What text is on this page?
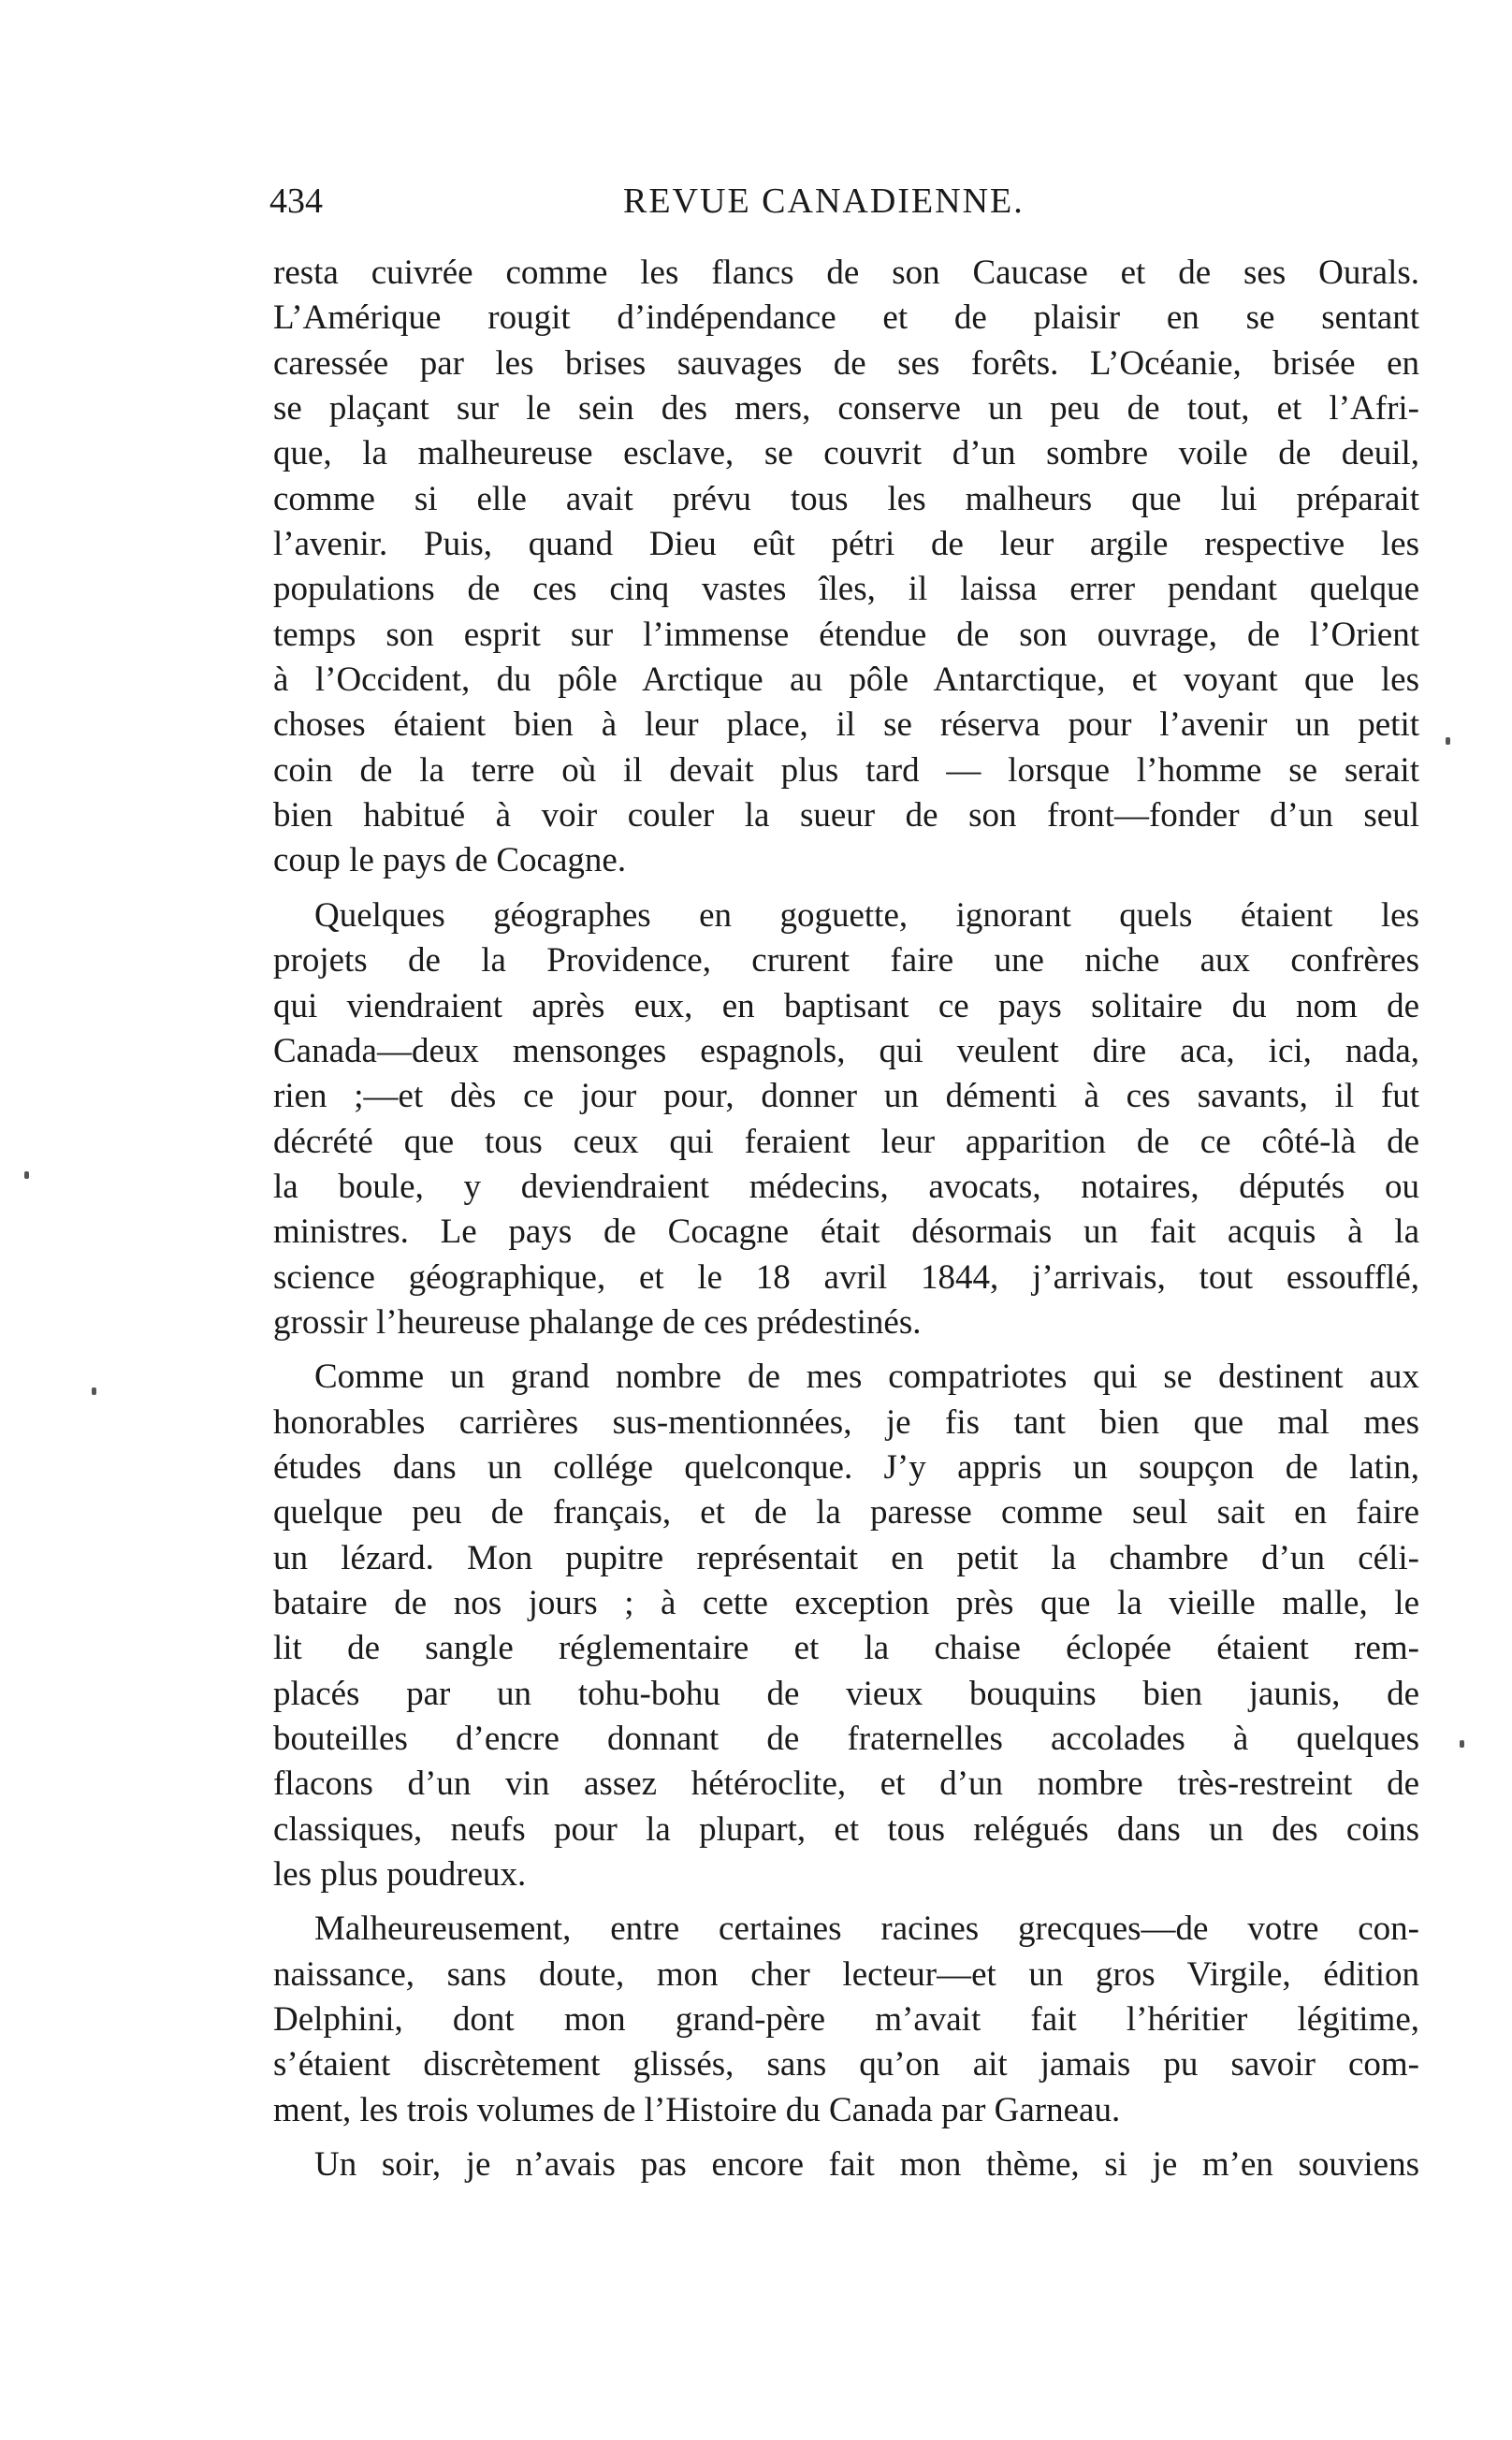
434	REVUE CANADIENNE.
resta cuivrée comme les flancs de son Caucase et de ses Ourals.
L’Amérique rougit d’indépendance et de plaisir en se sentant
caressée par les brises sauvages de ses forêts. L’Océanie, brisée en
se plaçant sur le sein des mers, conserve un peu de tout, et l’Afri-
que, la malheureuse esclave, se couvrit d’un sombre voile de deuil,
comme si elle avait prévu tous les malheurs que lui préparait
l’avenir. Puis, quand Dieu eût pétri de leur argile respective les
populations de ces cinq vastes îles, il laissa errer pendant quelque
temps son esprit sur l’immense étendue de son ouvrage, de l’Orient
à l’Occident, du pôle Arctique au pôle Antarctique, et voyant que les
choses étaient bien à leur place, il se réserva pour l’avenir un petit
coin de la terre où il devait plus tard — lorsque l’homme se serait
bien habitué à voir couler la sueur de son front—fonder d’un seul
coup le pays de Cocagne.
Quelques géographes en goguette, ignorant quels étaient les
projets de la Providence, crurent faire une niche aux confrères
qui viendraient après eux, en baptisant ce pays solitaire du nom de
Canada—deux mensonges espagnols, qui veulent dire aca, ici, nada,
rien ;—et dès ce jour pour, donner un démenti à ces savants, il fut
décrété que tous ceux qui feraient leur apparition de ce côté-là de
la boule, y deviendraient médecins, avocats, notaires, députés ou
ministres. Le pays de Cocagne était désormais un fait acquis à la
science géographique, et le 18 avril 1844, j’arrivais, tout essoufflé,
grossir l’heureuse phalange de ces prédestinés.
Comme un grand nombre de mes compatriotes qui se destinent aux
honorables carrières sus-mentionnées, je fis tant bien que mal mes
études dans un collége quelconque. J’y appris un soupçon de latin,
quelque peu de français, et de la paresse comme seul sait en faire
un lézard. Mon pupitre représentait en petit la chambre d’un céli-
bataire de nos jours ; à cette exception près que la vieille malle, le
lit de sangle réglementaire et la chaise éclopée étaient rem-
placés par un tohu-bohu de vieux bouquins bien jaunis, de
bouteilles d’encre donnant de fraternelles accolades à quelques
flacons d’un vin assez hétéroclite, et d’un nombre très-restreint de
classiques, neufs pour la plupart, et tous relégués dans un des coins
les plus poudreux.
Malheureusement, entre certaines racines grecques—de votre con-
naissance, sans doute, mon cher lecteur—et un gros Virgile, édition
Delphini, dont mon grand-père m’avait fait l’héritier légitime,
s’étaient discrètement glissés, sans qu’on ait jamais pu savoir com-
ment, les trois volumes de l’Histoire du Canada par Garneau.
Un soir, je n’avais pas encore fait mon thème, si je m’en souviens
